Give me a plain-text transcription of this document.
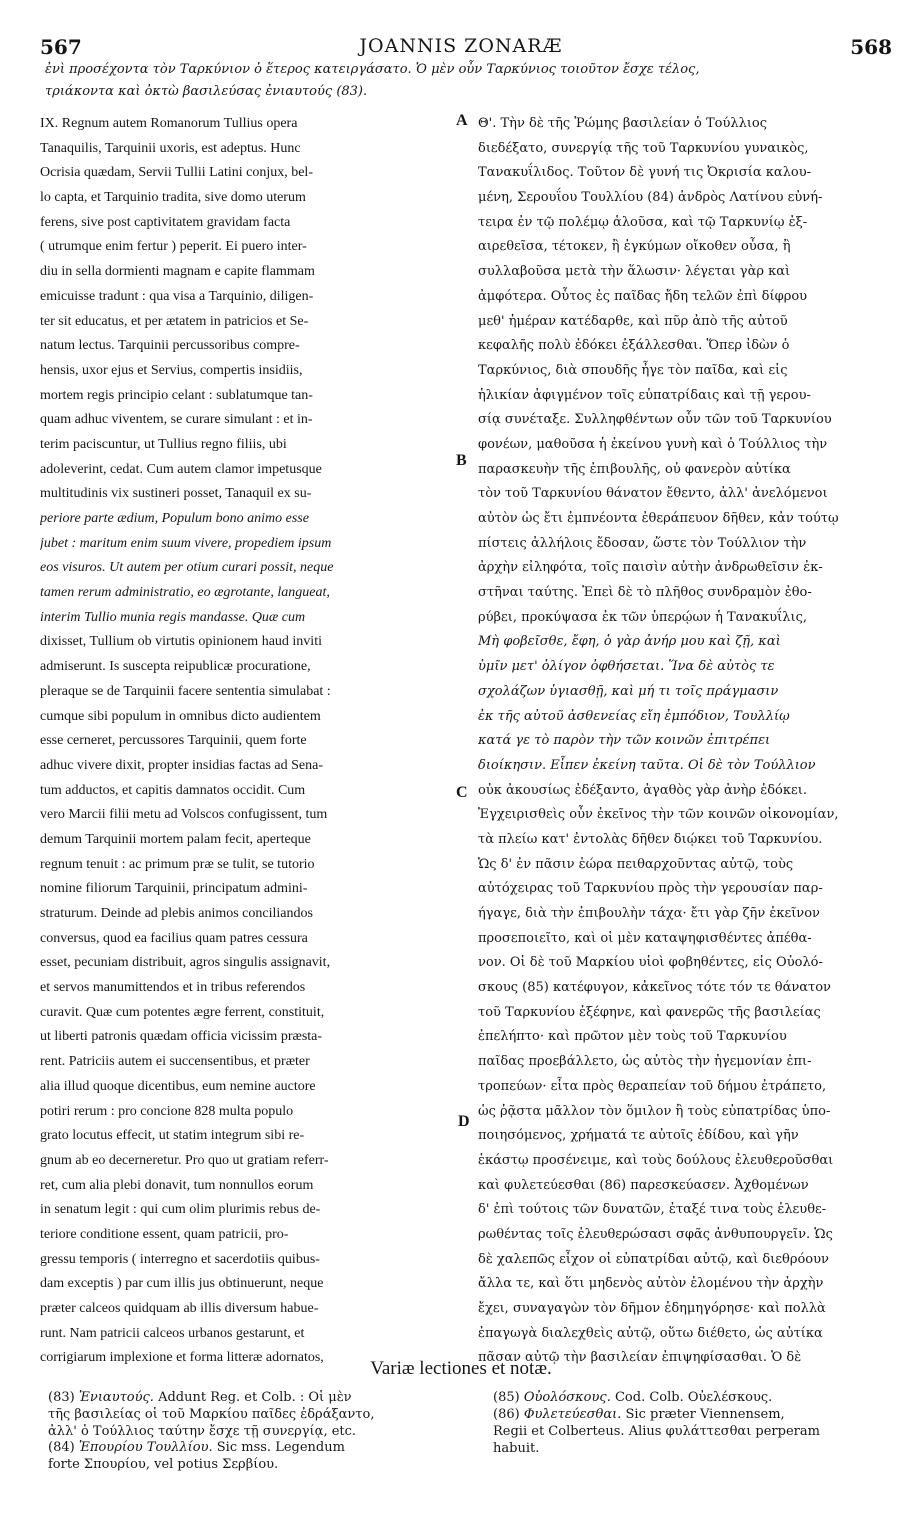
567	JOANNIS ZONARÆ	568
ἐνὶ προσέχοντα τὸν Ταρκύνιον ὁ ἕτερος κατειργάσατο. Ὁ μὲν οὖν Ταρκύνιος τοιοῦτον ἔσχε τέλος,
τριάκοντα καὶ ὀκτὼ βασιλεύσας ἐνιαυτούς (83).
IX. Regnum autem Romanorum Tullius opera
Tanaquilis, Tarquinii uxoris, est adeptus. Hunc
Ocrisia quædam, Servii Tullii Latini conjux, bel-
lo capta, et Tarquinio tradita, sive domo uterum
ferens, sive post captivitatem gravidam facta
( utrumque enim fertur ) peperit. Ei puero inter-
diu in sella dormienti magnam e capite flammam
emicuisse tradunt : qua visa a Tarquinio, diligen-
ter sit educatus, et per ætatem in patricios et Se-
natum lectus. Tarquinii percussoribus compre-
hensis, uxor ejus et Servius, compertis insidiis,
mortem regis principio celant : sublatumque tan-
quam adhuc viventem, se curare simulant : et in-
terim paciscuntur, ut Tullius regno filiis, ubi
adoleverint, cedat. Cum autem clamor impetusque
multitudinis vix sustineri posset, Tanaquil ex su-
periore parte ædium, Populum bono animo esse
jubet : maritum enim suum vivere, propediem ipsum
eos visuros. Ut autem per otium curari possit, neque
tamen rerum administratio, eo ægrotante, langueat,
interim Tullio munia regis mandasse. Quæ cum
dixisset, Tullium ob virtutis opinionem haud inviti
admiserunt. Is suscepta reipublicæ procuratione,
pleraque se de Tarquinii facere sententia simulabat :
cumque sibi populum in omnibus dicto audientem
esse cerneret, percussores Tarquinii, quem forte
adhuc vivere dixit, propter insidias factas ad Sena-
tum adductos, et capitis damnatos occidit. Cum
vero Marcii filii metu ad Volscos confugissent, tum
demum Tarquinii mortem palam fecit, aperteque
regnum tenuit : ac primum præ se tulit, se tutorio
nomine filiorum Tarquinii, principatum admini-
straturum. Deinde ad plebis animos conciliandos
conversus, quod ea facilius quam patres cessura
esset, pecuniam distribuit, agros singulis assignavit,
et servos manumittendos et in tribus referendos
curavit. Quæ cum potentes ægre ferrent, constituit,
ut liberti patronis quædam officia vicissim præsta-
rent. Patriciis autem ei succensentibus, et præter
alia illud quoque dicentibus, eum nemine auctore
potiri rerum : pro concione 828 multa populo
grato locutus effecit, ut statim integrum sibi re-
gnum ab eo decerneretur. Pro quo ut gratiam referr-
ret, cum alia plebi donavit, tum nonnullos eorum
in senatum legit : qui cum olim plurimis rebus de-
teriore conditione essent, quam patricii, pro-
gressu temporis ( interregno et sacerdotiis quibus-
dam exceptis ) par cum illis jus obtinuerunt, neque
præter calceos quidquam ab illis diversum habue-
runt. Nam patricii calceos urbanos gestarunt, et
corrigiarum implexione et forma litteræ adornatos,
Θ'. Τὴν δὲ τῆς Ῥώμης βασιλείαν ὁ Τούλλιος
διεδέξατο, συνεργίᾳ τῆς τοῦ Ταρκυνίου γυναικὸς,
Τανακυΐλιδος. Τοῦτον δὲ γυνή τις Ὀκρισία καλου-
μένη, Σερουΐου Τουλλίου (84) ἀνδρὸς Λατίνου εὐνή-
τειρα ἐν τῷ πολέμῳ ἁλοῦσα, καὶ τῷ Ταρκυνίῳ ἐξ-
αιρεθεῖσα, τέτοκεν, ἢ ἐγκύμων οἴκοθεν οὖσα, ἢ
συλλαβοῦσα μετὰ τὴν ἅλωσιν· λέγεται γὰρ καὶ
ἀμφότερα. Οὗτος ἐς παῖδας ἤδη τελῶν ἐπὶ δίφρου
μεθ' ἡμέραν κατέδαρθε, καὶ πῦρ ἀπὸ τῆς αὐτοῦ
κεφαλῆς πολὺ ἐδόκει ἐξάλλεσθαι. Ὅπερ ἰδὼν ὁ
Ταρκύνιος, διὰ σπουδῆς ἦγε τὸν παῖδα, καὶ εἰς
ἡλικίαν ἀφιγμένον τοῖς εὐπατρίδαις καὶ τῇ γερου-
σίᾳ συνέταξε. Συλληφθέντων οὖν τῶν τοῦ Ταρκυνίου
φονέων, μαθοῦσα ἡ ἐκείνου γυνὴ καὶ ὁ Τούλλιος τὴν
παρασκευὴν τῆς ἐπιβουλῆς, οὐ φανερὸν αὐτίκα
τὸν τοῦ Ταρκυνίου θάνατον ἔθεντο, ἀλλ' ἀνελόμενοι
αὐτὸν ὡς ἔτι ἐμπνέοντα ἐθεράπευον δῆθεν, κἀν τούτῳ
πίστεις ἀλλήλοις ἔδοσαν, ὥστε τὸν Τούλλιον τὴν
ἀρχὴν εἰληφότα, τοῖς παισὶν αὐτὴν ἀνδρωθεῖσιν ἐκ-
στῆναι ταύτης. Ἐπεὶ δὲ τὸ πλῆθος συνδραμὸν ἐθο-
ρύβει, προκύψασα ἐκ τῶν ὑπερῴων ἡ Τανακυΐλις,
Μὴ φοβεῖσθε, ἔφη, ὁ γὰρ ἀνήρ μου καὶ ζῇ, καὶ
ὑμῖν μετ' ὀλίγον ὀφθήσεται. Ἵνα δὲ αὐτὸς τε
σχολάζων ὑγιασθῇ, καὶ μή τι τοῖς πράγμασιν
ἐκ τῆς αὐτοῦ ἀσθενείας εἴη ἐμπόδιον, Τουλλίῳ
κατά γε τὸ παρὸν τὴν τῶν κοινῶν ἐπιτρέπει
διοίκησιν. Εἶπεν ἐκείνη ταῦτα. Οἱ δὲ τὸν Τούλλιον
οὐκ ἀκουσίως ἐδέξαντο, ἀγαθὸς γὰρ ἀνὴρ ἐδόκει.
Ἐγχειρισθεὶς οὖν ἐκεῖνος τὴν τῶν κοινῶν οἰκονομίαν,
τὰ πλείω κατ' ἐντολὰς δῆθεν διῴκει τοῦ Ταρκυνίου.
Ὡς δ' ἐν πᾶσιν ἑώρα πειθαρχοῦντας αὐτῷ, τοὺς
αὐτόχειρας τοῦ Ταρκυνίου πρὸς τὴν γερουσίαν παρ-
ήγαγε, διὰ τὴν ἐπιβουλὴν τάχα· ἔτι γὰρ ζῆν ἐκεῖνον
προσεποιεῖτο, καὶ οἱ μὲν καταψηφισθέντες ἀπέθα-
νον. Οἱ δὲ τοῦ Μαρκίου υἱοὶ φοβηθέντες, εἰς Οὐολό-
σκους (85) κατέφυγον, κἀκεῖνος τότε τόν τε θάνατον
τοῦ Ταρκυνίου ἐξέφηνε, καὶ φανερῶς τῆς βασιλείας
ἐπελήπτο· καὶ πρῶτον μὲν τοὺς τοῦ Ταρκυνίου
παῖδας προεβάλλετο, ὡς αὐτὸς τὴν ἡγεμονίαν ἐπι-
τροπεύων· εἶτα πρὸς θεραπείαν τοῦ δήμου ἐτράπετο,
ὡς ῥᾷστα μᾶλλον τὸν ὅμιλον ἢ τοὺς εὐπατρίδας ὑπο-
ποιησόμενος, χρήματά τε αὐτοῖς ἐδίδου, καὶ γῆν
ἑκάστῳ προσένειμε, καὶ τοὺς δούλους ἐλευθεροῦσθαι
καὶ φυλετεύεσθαι (86) παρεσκεύασεν. Ἀχθομένων
δ' ἐπὶ τούτοις τῶν δυνατῶν, ἐταξέ τινα τοὺς ἐλευθε-
ρωθέντας τοῖς ἐλευθερώσασι σφᾶς ἀνθυπουργεῖν. Ὡς
δὲ χαλεπῶς εἶχον οἱ εὐπατρίδαι αὐτῷ, καὶ διεθρόουν
ἄλλα τε, καὶ ὅτι μηδενὸς αὐτὸν ἑλομένου τὴν ἀρχὴν
ἔχει, συναγαγὼν τὸν δῆμον ἐδημηγόρησε· καὶ πολλὰ
ἐπαγωγὰ διαλεχθεὶς αὐτῷ, οὕτω διέθετο, ὡς αὐτίκα
πᾶσαν αὐτῷ τὴν βασιλείαν ἐπιψηφίσασθαι. Ὁ δὲ
A
B
C
D
Variæ lectiones et notæ.
(83) Ἐνιαυτούς. Addunt Reg. et Colb. : Οἱ μὲν
τῆς βασιλείας οἱ τοῦ Μαρκίου παῖδες ἐδράξαντο,
ἀλλ' ὁ Τούλλιος ταύτην ἔσχε τῇ συνεργίᾳ, etc.
(84) Ἐπουρίου Τουλλίου. Sic mss. Legendum
forte Σπουρίου, vel potius Σερβίου.
(85) Οὐολόσκους. Cod. Colb. Οὐελέσκους.
(86) Φυλετεύεσθαι. Sic præter Viennensem,
Regii et Colberteus. Alius φυλάττεσθαι perperam
habuit.
